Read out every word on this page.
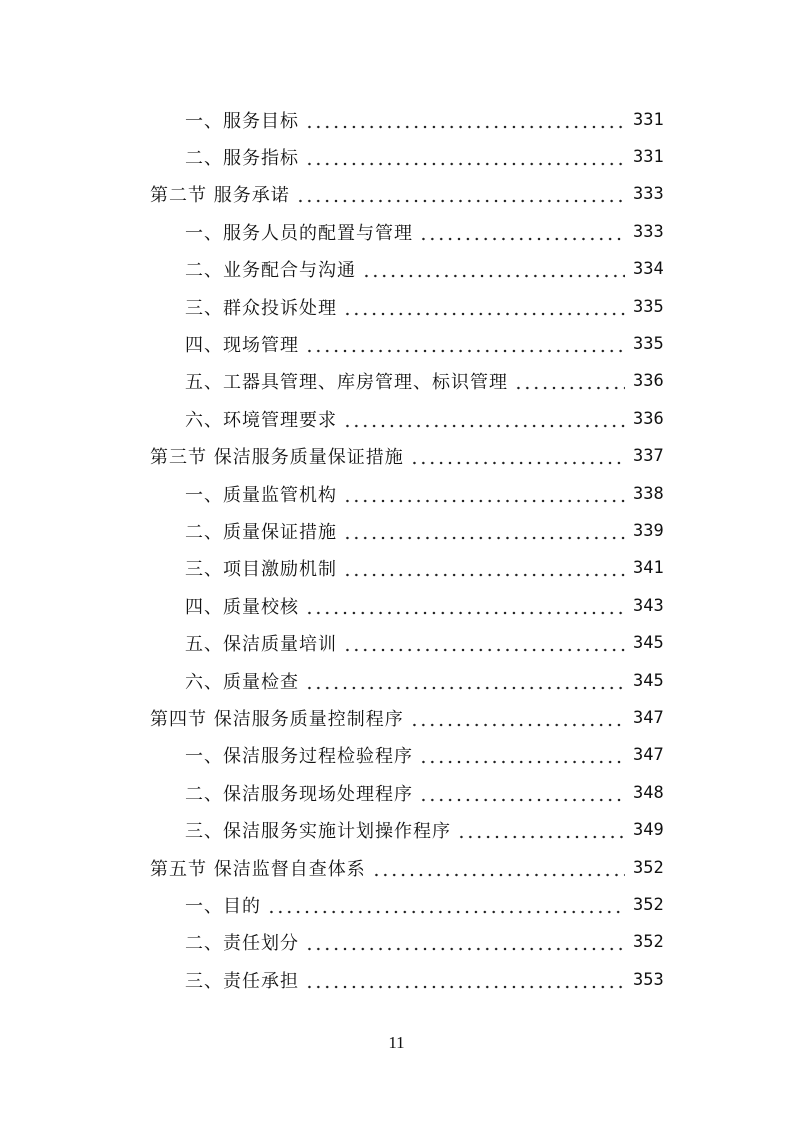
一、服务目标	331
二、服务指标	331
第二节 服务承诺	333
一、服务人员的配置与管理	333
二、业务配合与沟通	334
三、群众投诉处理	335
四、现场管理	335
五、工器具管理、库房管理、标识管理	336
六、环境管理要求	336
第三节 保洁服务质量保证措施	337
一、质量监管机构	338
二、质量保证措施	339
三、项目激励机制	341
四、质量校核	343
五、保洁质量培训	345
六、质量检查	345
第四节 保洁服务质量控制程序	347
一、保洁服务过程检验程序	347
二、保洁服务现场处理程序	348
三、保洁服务实施计划操作程序	349
第五节 保洁监督自查体系	352
一、目的	352
二、责任划分	352
三、责任承担	353
11
